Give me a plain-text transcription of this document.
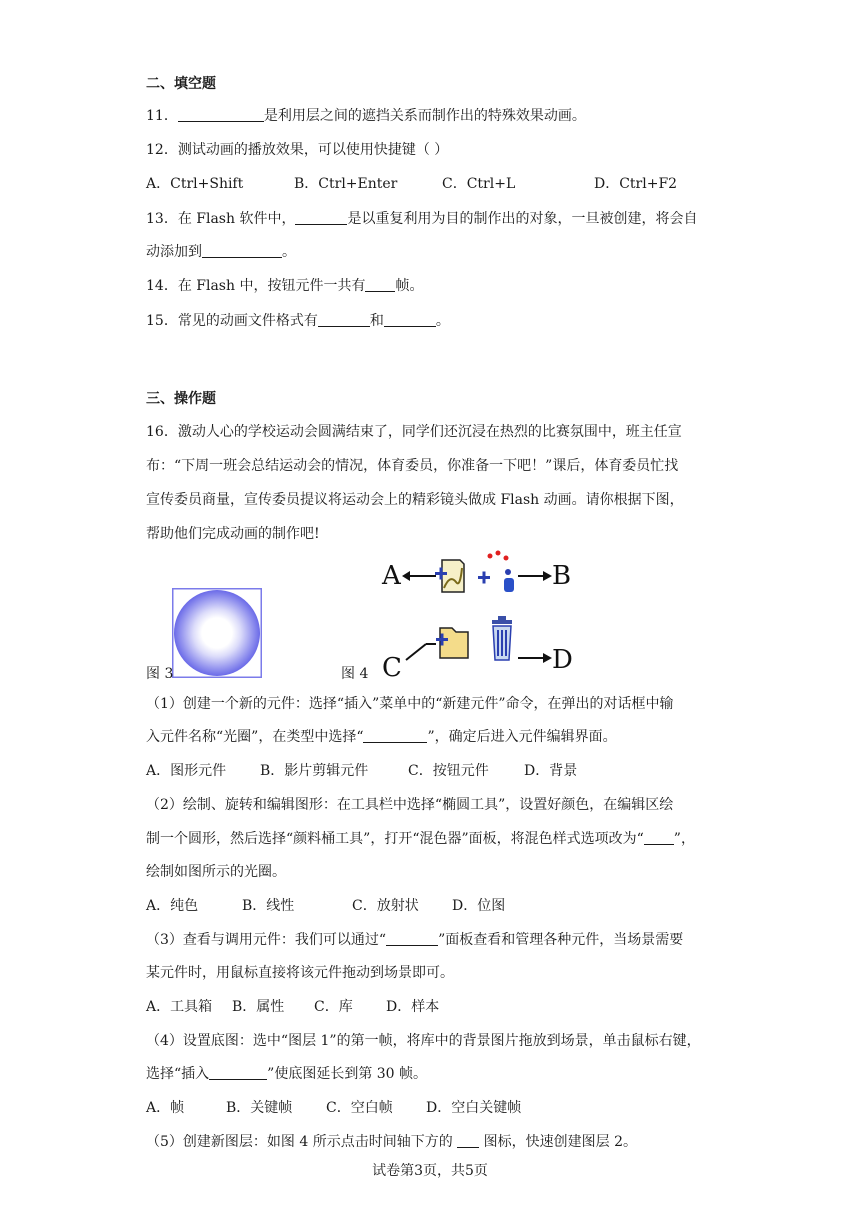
二、填空题
11．	是利用层之间的遮挡关系而制作出的特殊效果动画。
12．测试动画的播放效果，可以使用快捷键（ ）
A．Ctrl+Shift	B．Ctrl+Enter	C．Ctrl+L	D．Ctrl+F2
13．在 Flash 软件中，	是以重复利用为目的制作出的对象，一旦被创建，将会自
动添加到	。
14．在 Flash 中，按钮元件一共有 帧。
15．常见的动画文件格式有	和	。
三、操作题
16．激动人心的学校运动会圆满结束了，同学们还沉浸在热烈的比赛氛围中，班主任宣
布：“下周一班会总结运动会的情况，体育委员，你准备一下吧！”课后，体育委员忙找
宣传委员商量，宣传委员提议将运动会上的精彩镜头做成 Flash 动画。请你根据下图，
帮助他们完成动画的制作吧!
图 3	图 4
A	B
C	D
（1）创建一个新的元件：选择“插入”菜单中的“新建元件”命令，在弹出的对话框中输
入元件名称“光圈”，在类型中选择“	”，确定后进入元件编辑界面。
A．图形元件 B．影片剪辑元件	C．按钮元件	D．背景
（2）绘制、旋转和编辑图形：在工具栏中选择“椭圆工具”，设置好颜色，在编辑区绘
制一个圆形，然后选择“颜料桶工具”，打开“混色器”面板，将混色样式选项改为“ ”，
绘制如图所示的光圈。
A．纯色	B．线性	C．放射状 D．位图
（3）查看与调用元件：我们可以通过“	”面板查看和管理各种元件，当场景需要
某元件时，用鼠标直接将该元件拖动到场景即可。
A．工具箱 B．属性 C．库 D．样本
（4）设置底图：选中“图层 1”的第一帧，将库中的背景图片拖放到场景，单击鼠标右键，
选择“插入	”使底图延长到第 30 帧。
A．帧	B．关键帧 C．空白帧 D．空白关键帧
（5）创建新图层：如图 4 所示点击时间轴下方的  图标，快速创建图层 2。
试卷第3页，共5页
